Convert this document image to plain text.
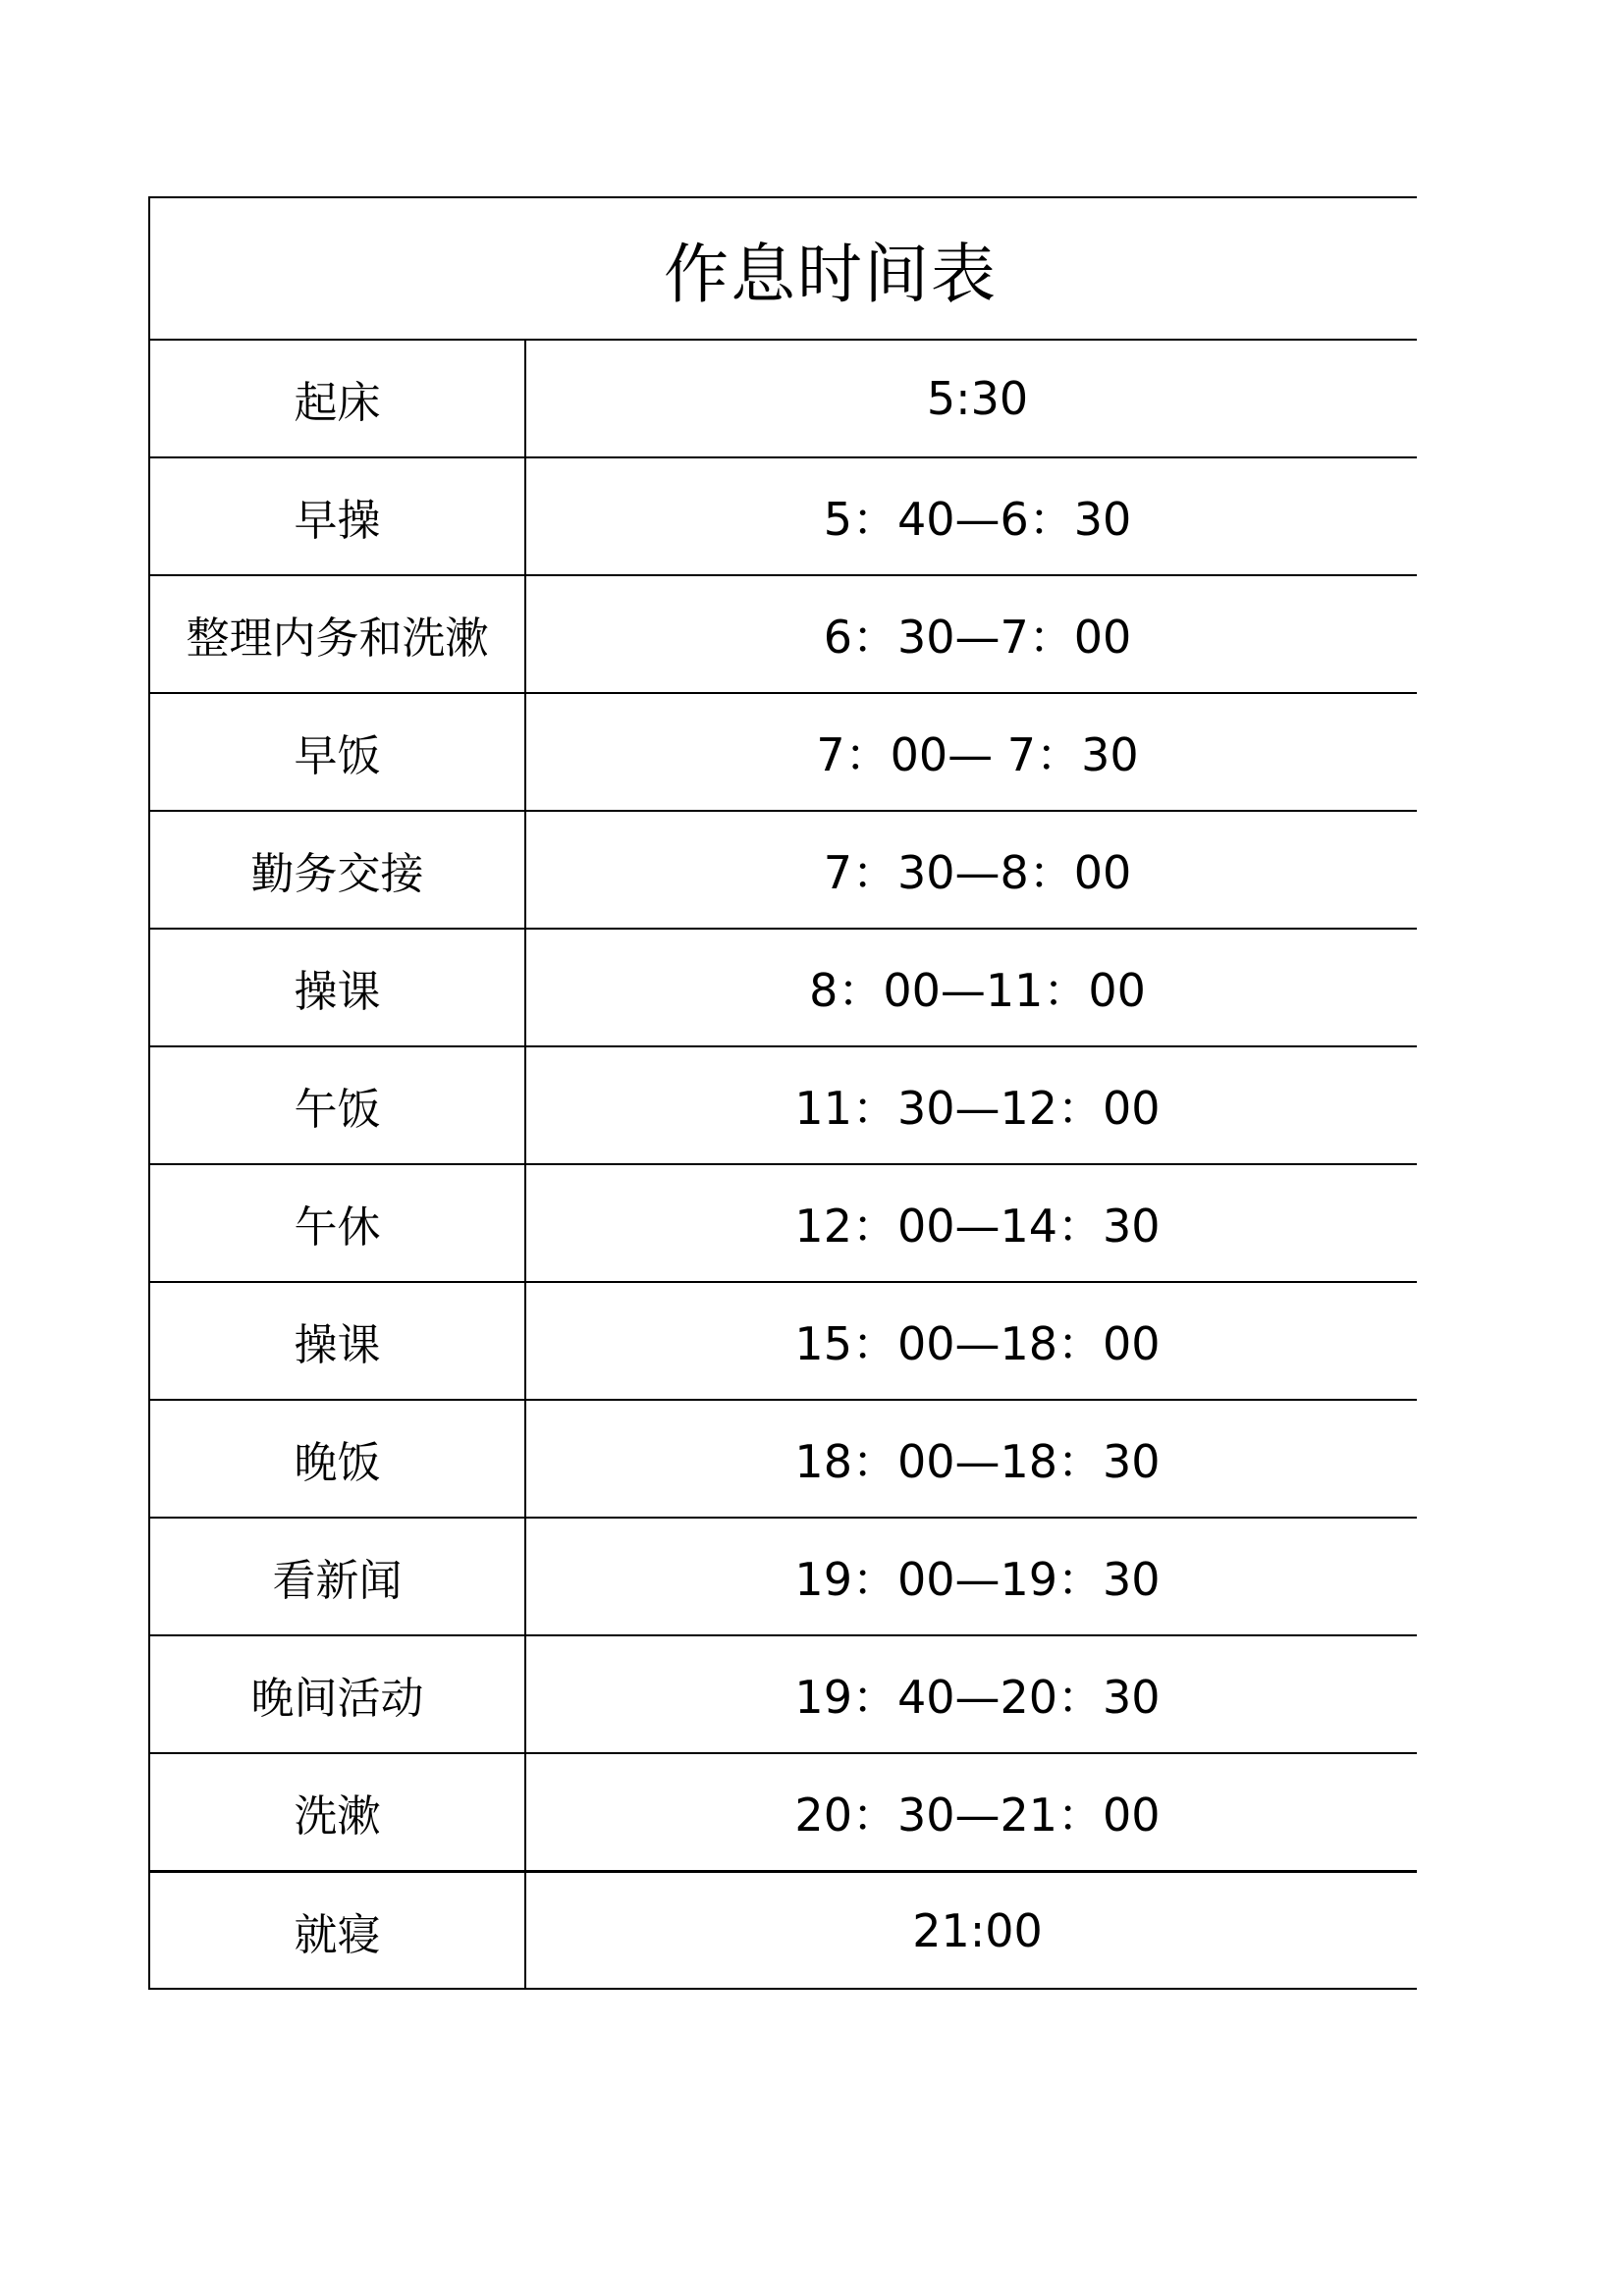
作息时间表
起床	5:30
早操	5：40—6：30
整理内务和洗漱	6：30—7：00
早饭	7：00— 7：30
勤务交接	7：30—8：00
操课	8：00—11：00
午饭	11：30—12：00
午休	12：00—14：30
操课	15：00—18：00
晚饭	18：00—18：30
看新闻	19：00—19：30
晚间活动	19：40—20：30
洗漱	20：30—21：00
就寝	21:00
